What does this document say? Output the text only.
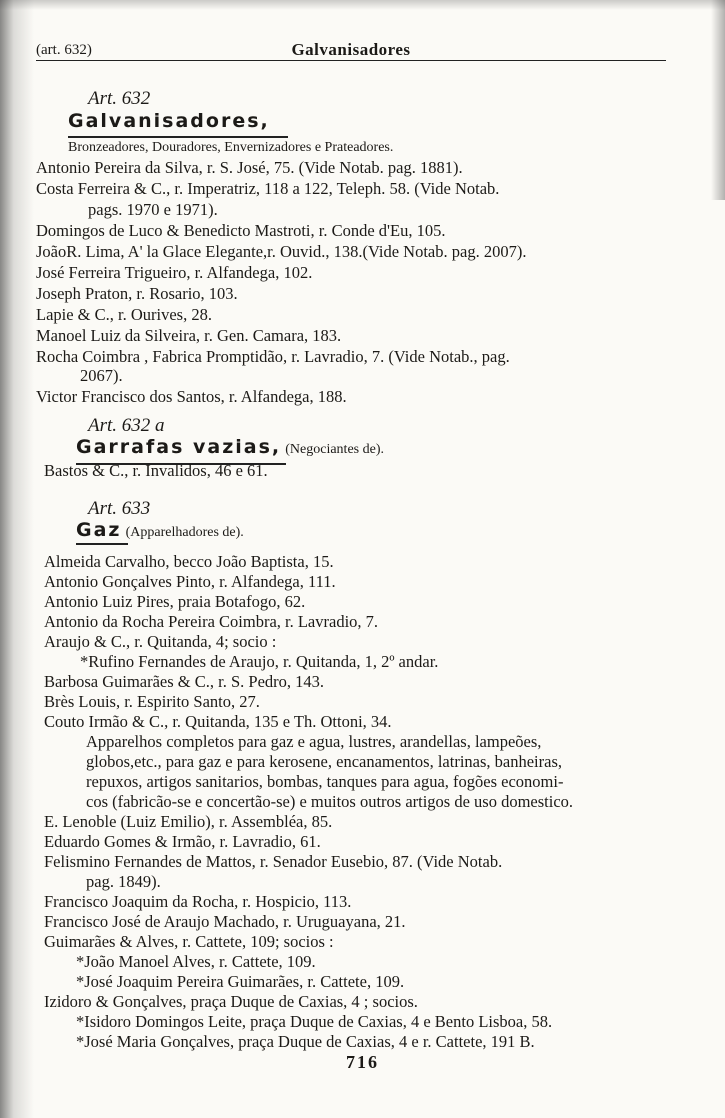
(art. 632)	Galvanisadores
Art. 632
Galvanisadores,
Bronzeadores, Douradores, Envernizadores e Prateadores.
Antonio Pereira da Silva, r. S. José, 75. (Vide Notab. pag. 1881).
Costa Ferreira & C., r. Imperatriz, 118 a 122, Teleph. 58. (Vide Notab.
pags. 1970 e 1971).
Domingos de Luco & Benedicto Mastroti, r. Conde d'Eu, 105.
JoãoR. Lima, A' la Glace Elegante,r. Ouvid., 138.(Vide Notab. pag. 2007).
José Ferreira Trigueiro, r. Alfandega, 102.
Joseph Praton, r. Rosario, 103.
Lapie & C., r. Ourives, 28.
Manoel Luiz da Silveira, r. Gen. Camara, 183.
Rocha Coimbra , Fabrica Promptidão, r. Lavradio, 7. (Vide Notab., pag.
2067).
Victor Francisco dos Santos, r. Alfandega, 188.
Art. 632 a
Garrafas vazias, (Negociantes de).
Bastos & C., r. Invalidos, 46 e 61.
Art. 633
Gaz (Apparelhadores de).
Almeida Carvalho, becco João Baptista, 15.
Antonio Gonçalves Pinto, r. Alfandega, 111.
Antonio Luiz Pires, praia Botafogo, 62.
Antonio da Rocha Pereira Coimbra, r. Lavradio, 7.
Araujo & C., r. Quitanda, 4; socio :
*Rufino Fernandes de Araujo, r. Quitanda, 1, 2º andar.
Barbosa Guimarães & C., r. S. Pedro, 143.
Brès Louis, r. Espirito Santo, 27.
Couto Irmão & C., r. Quitanda, 135 e Th. Ottoni, 34.
Apparelhos completos para gaz e agua, lustres, arandellas, lampeões,
globos,etc., para gaz e para kerosene, encanamentos, latrinas, banheiras,
repuxos, artigos sanitarios, bombas, tanques para agua, fogões economi-
cos (fabricão-se e concertão-se) e muitos outros artigos de uso domestico.
E. Lenoble (Luiz Emilio), r. Assembléa, 85.
Eduardo Gomes & Irmão, r. Lavradio, 61.
Felismino Fernandes de Mattos, r. Senador Eusebio, 87. (Vide Notab.
pag. 1849).
Francisco Joaquim da Rocha, r. Hospicio, 113.
Francisco José de Araujo Machado, r. Uruguayana, 21.
Guimarães & Alves, r. Cattete, 109; socios :
*João Manoel Alves, r. Cattete, 109.
*José Joaquim Pereira Guimarães, r. Cattete, 109.
Izidoro & Gonçalves, praça Duque de Caxias, 4 ; socios.
*Isidoro Domingos Leite, praça Duque de Caxias, 4 e Bento Lisboa, 58.
*José Maria Gonçalves, praça Duque de Caxias, 4 e r. Cattete, 191 B.
716
